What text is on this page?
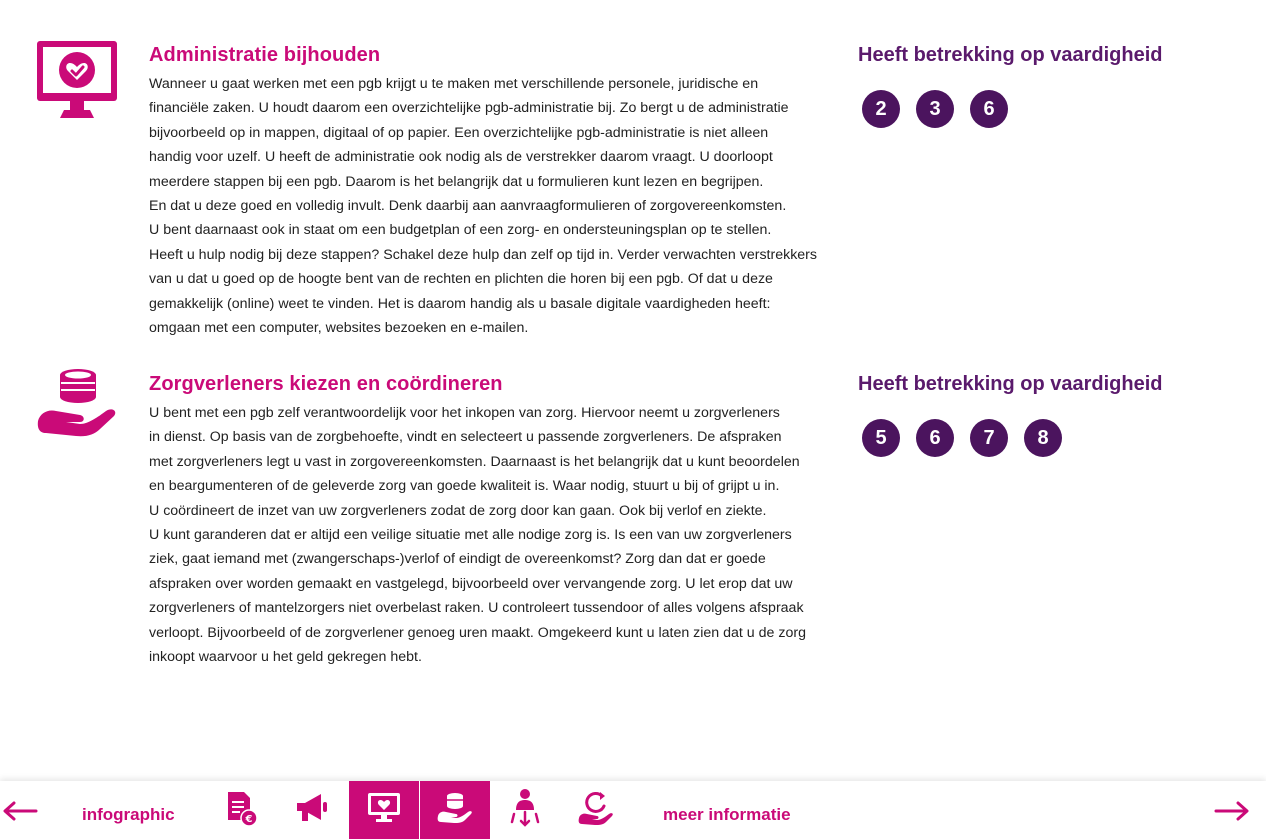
Administratie bijhouden
Wanneer u gaat werken met een pgb krijgt u te maken met verschillende personele, juridische en
financiële zaken. U houdt daarom een overzichtelijke pgb-administratie bij. Zo bergt u de administratie
bijvoorbeeld op in mappen, digitaal of op papier. Een overzichtelijke pgb-administratie is niet alleen
handig voor uzelf. U heeft de administratie ook nodig als de verstrekker daarom vraagt. U doorloopt
meerdere stappen bij een pgb. Daarom is het belangrijk dat u formulieren kunt lezen en begrijpen.
En dat u deze goed en volledig invult. Denk daarbij aan aanvraagformulieren of zorgovereenkomsten.
U bent daarnaast ook in staat om een budgetplan of een zorg- en ondersteuningsplan op te stellen.
Heeft u hulp nodig bij deze stappen? Schakel deze hulp dan zelf op tijd in. Verder verwachten verstrekkers
van u dat u goed op de hoogte bent van de rechten en plichten die horen bij een pgb. Of dat u deze
gemakkelijk (online) weet te vinden. Het is daarom handig als u basale digitale vaardigheden heeft:
omgaan met een computer, websites bezoeken en e-mailen.
Heeft betrekking op vaardigheid
2	3	6
Zorgverleners kiezen en coördineren
U bent met een pgb zelf verantwoordelijk voor het inkopen van zorg. Hiervoor neemt u zorgverleners
in dienst. Op basis van de zorgbehoefte, vindt en selecteert u passende zorgverleners. De afspraken
met zorgverleners legt u vast in zorgovereenkomsten. Daarnaast is het belangrijk dat u kunt beoordelen
en beargumenteren of de geleverde zorg van goede kwaliteit is. Waar nodig, stuurt u bij of grijpt u in.
U coördineert de inzet van uw zorgverleners zodat de zorg door kan gaan. Ook bij verlof en ziekte.
U kunt garanderen dat er altijd een veilige situatie met alle nodige zorg is. Is een van uw zorgverleners
ziek, gaat iemand met (zwangerschaps-)verlof of eindigt de overeenkomst? Zorg dan dat er goede
afspraken over worden gemaakt en vastgelegd, bijvoorbeeld over vervangende zorg. U let erop dat uw
zorgverleners of mantelzorgers niet overbelast raken. U controleert tussendoor of alles volgens afspraak
verloopt. Bijvoorbeeld of de zorgverlener genoeg uren maakt. Omgekeerd kunt u laten zien dat u de zorg
inkoopt waarvoor u het geld gekregen hebt.
Heeft betrekking op vaardigheid
5	6	7	8
infographic	€	meer informatie
